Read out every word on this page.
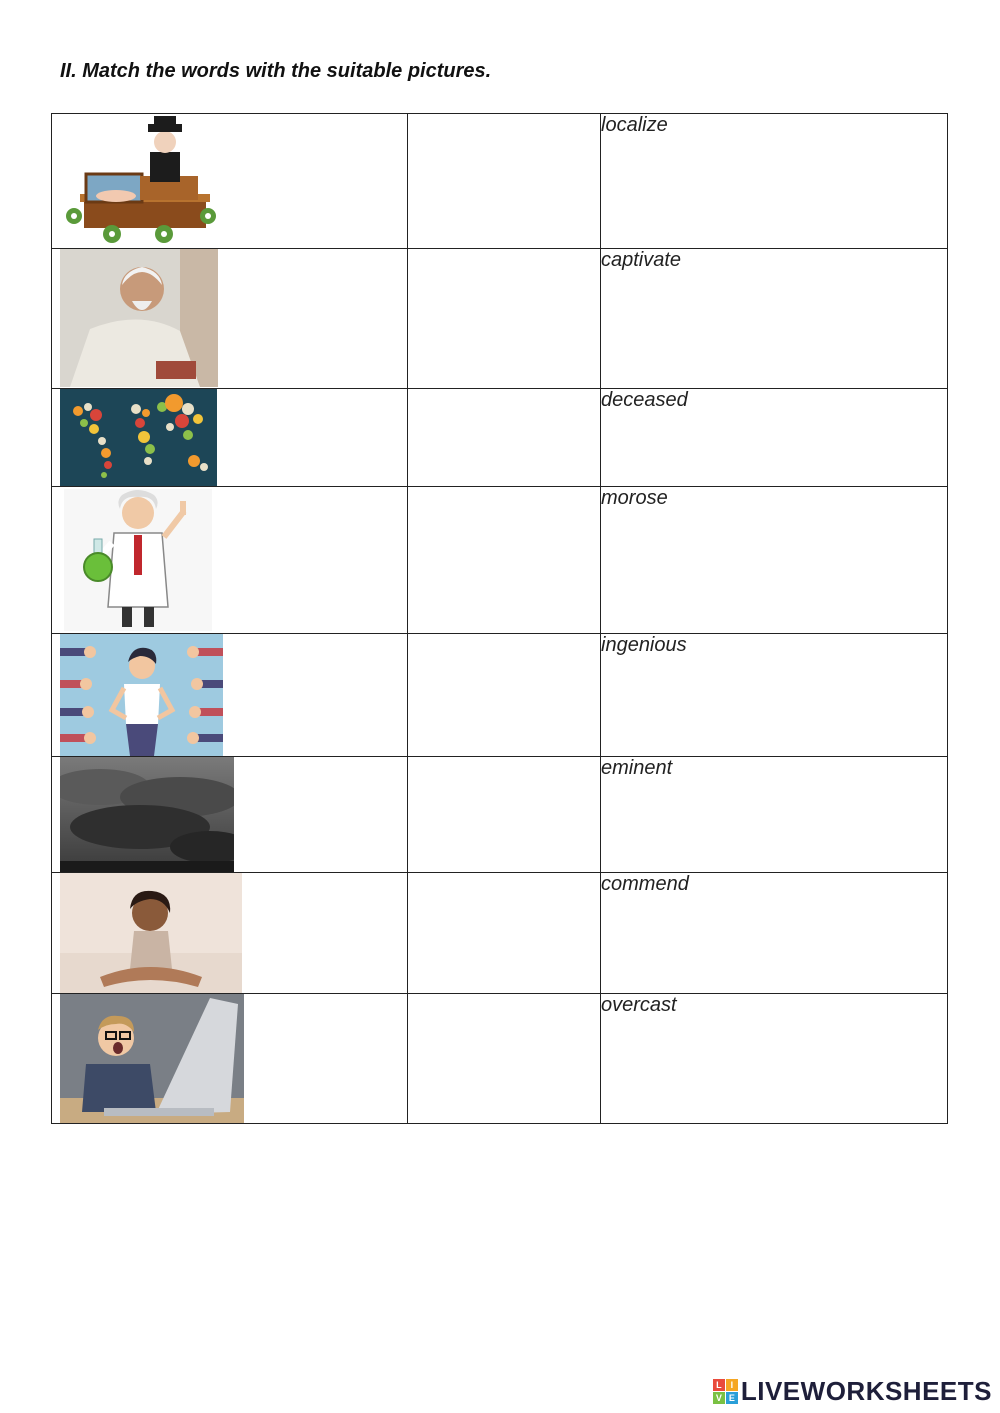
II. Match the words with the suitable pictures.

		localize

		captivate

		deceased

		morose

		ingenious

		eminent

		commend

		overcast
L I
V E LIVEWORKSHEETS
